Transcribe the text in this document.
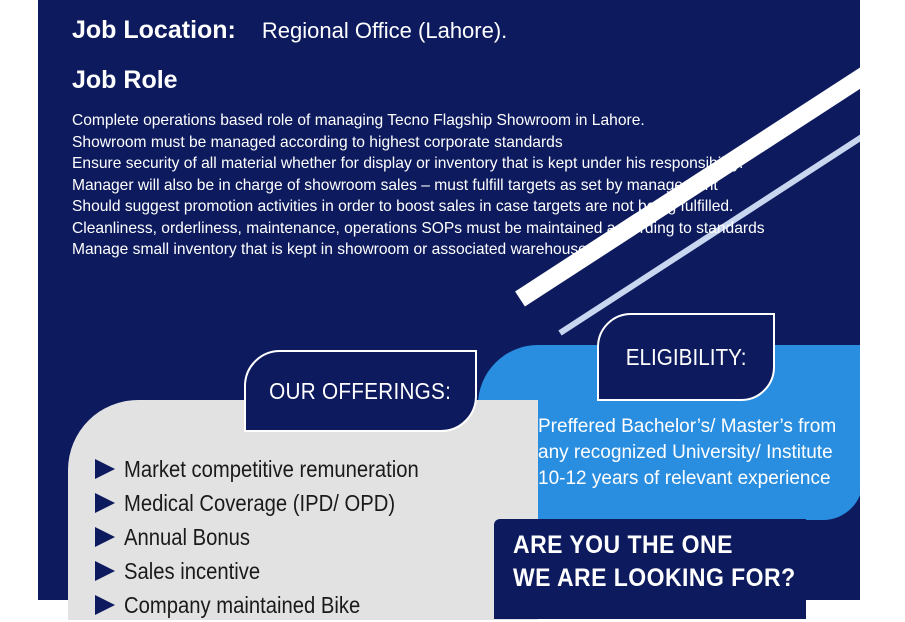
Job Location: Regional Office (Lahore).
Job Role
Complete operations based role of managing Tecno Flagship Showroom in Lahore.
Showroom must be managed according to highest corporate standards
Ensure security of all material whether for display or inventory that is kept under his responsibility.
Manager will also be in charge of showroom sales – must fulfill targets as set by management
Should suggest promotion activities in order to boost sales in case targets are not being fulfilled.
Cleanliness, orderliness, maintenance, operations SOPs must be maintained according to standards
Manage small inventory that is kept in showroom or associated warehouse.
OUR OFFERINGS:
ELIGIBILITY:
Preffered Bachelor’s/ Master’s from
any recognized University/ Institute
10-12 years of relevant experience
Market competitive remuneration
Medical Coverage (IPD/ OPD)
Annual Bonus
Sales incentive
Company maintained Bike
ARE YOU THE ONE
WE ARE LOOKING FOR?
